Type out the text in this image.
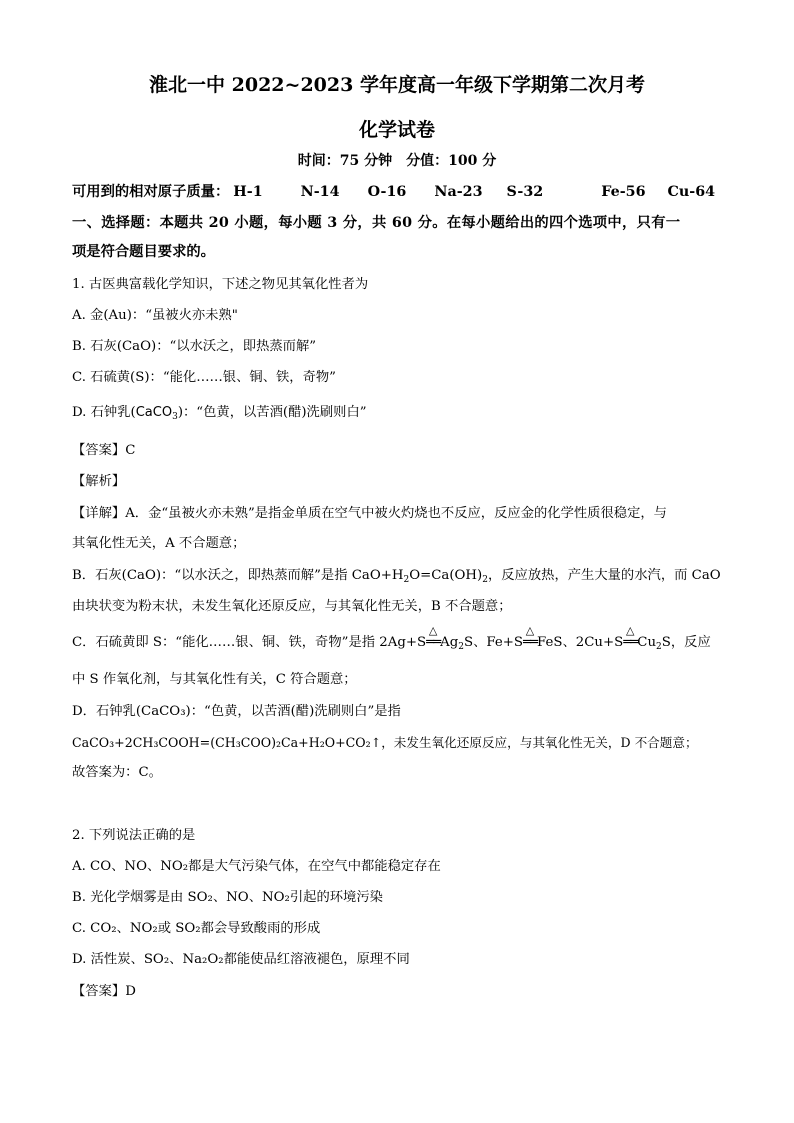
淮北一中 2022~2023 学年度高一年级下学期第二次月考
化学试卷
时间：75 分钟　分值：100 分
可用到的相对原子质量： H-1	N-14 O-16 Na-23 S-32	Fe-56 Cu-64
一、选择题：本题共 20 小题，每小题 3 分，共 60 分。在每小题给出的四个选项中，只有一
项是符合题目要求的。
1. 古医典富载化学知识，下述之物见其氧化性者为
A. 金(Au)：“虽被火亦未熟"
B. 石灰(CaO)：“以水沃之，即热蒸而解”
C. 石硫黄(S)：“能化……银、铜、铁，奇物”
D. 石钟乳(CaCO$_3$)：“色黄，以苦酒(醋)洗刷则白”
【答案】C
【解析】
【详解】A．金“虽被火亦未熟”是指金单质在空气中被火灼烧也不反应，反应金的化学性质很稳定，与
其氧化性无关，A 不合题意；
B．石灰(CaO)：“以水沃之，即热蒸而解”是指 $CaO+H_2O=Ca(OH)_2$，反应放热，产生大量的水汽，而 CaO
由块状变为粉末状，未发生氧化还原反应，与其氧化性无关，B 不合题意；
C．石硫黄即 S：“能化……银、铜、铁，奇物”是指 2Ag+S
△
$══Ag_2S$、Fe+S
△
══FeS、2Cu+S
△
$══Cu_2S$，反应
中 S 作氧化剂，与其氧化性有关，C 符合题意；
D．石钟乳(CaCO₃)：“色黄，以苦酒(醋)洗刷则白”是指
CaCO₃+2CH₃COOH=(CH₃COO)₂Ca+H₂O+CO₂↑，未发生氧化还原反应，与其氧化性无关，D 不合题意；
故答案为：C。
2. 下列说法正确的是
A. CO、NO、NO₂都是大气污染气体，在空气中都能稳定存在
B. 光化学烟雾是由 SO₂、NO、NO₂引起的环境污染
C. CO₂、NO₂或 SO₂都会导致酸雨的形成
D. 活性炭、SO₂、Na₂O₂都能使品红溶液褪色，原理不同
【答案】D
